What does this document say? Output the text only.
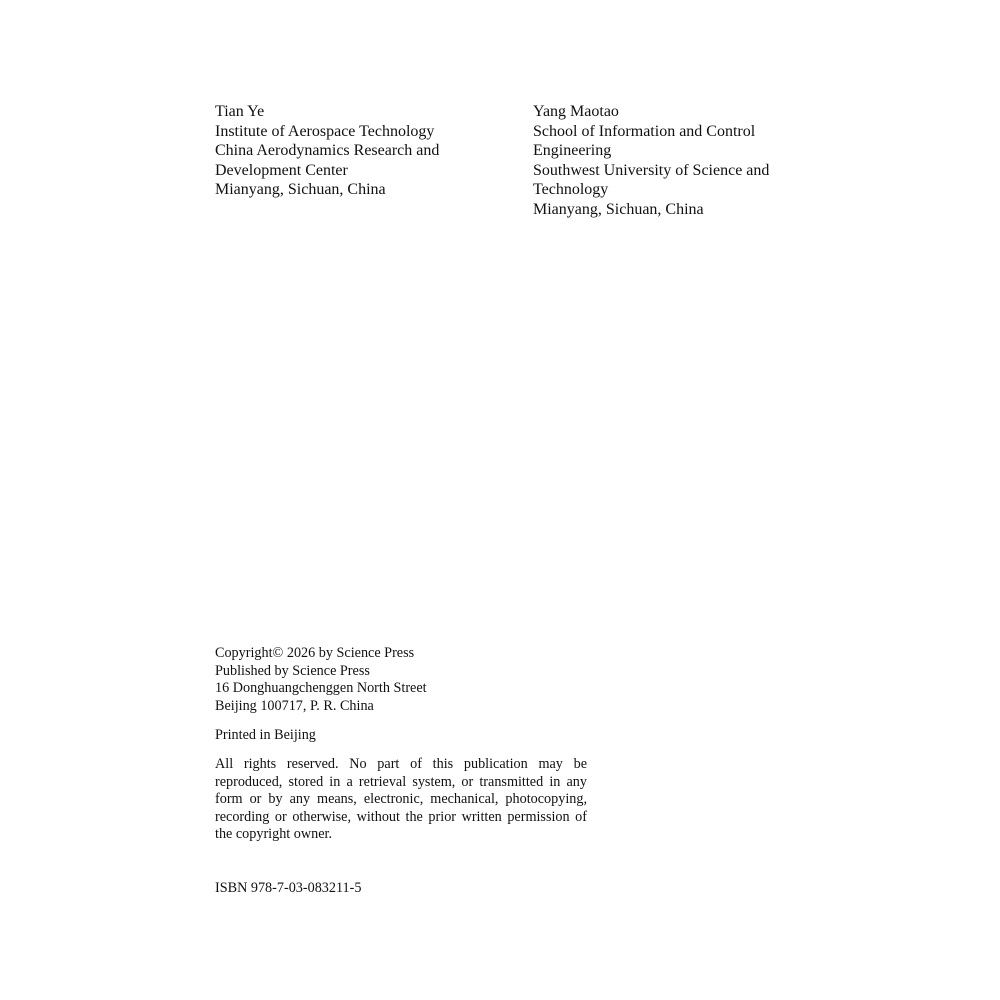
Tian Ye
Institute of Aerospace Technology
China Aerodynamics Research and
Development Center
Mianyang, Sichuan, China
Yang Maotao
School of Information and Control
Engineering
Southwest University of Science and
Technology
Mianyang, Sichuan, China
Copyright© 2026 by Science Press
Published by Science Press
16 Donghuangchenggen North Street
Beijing 100717, P. R. China
Printed in Beijing
All rights reserved. No part of this publication may be reproduced, stored in a retrieval system, or transmitted in any form or by any means, electronic, mechanical, photocopying, recording or otherwise, without the prior written permission of the copyright owner.
ISBN 978-7-03-083211-5
